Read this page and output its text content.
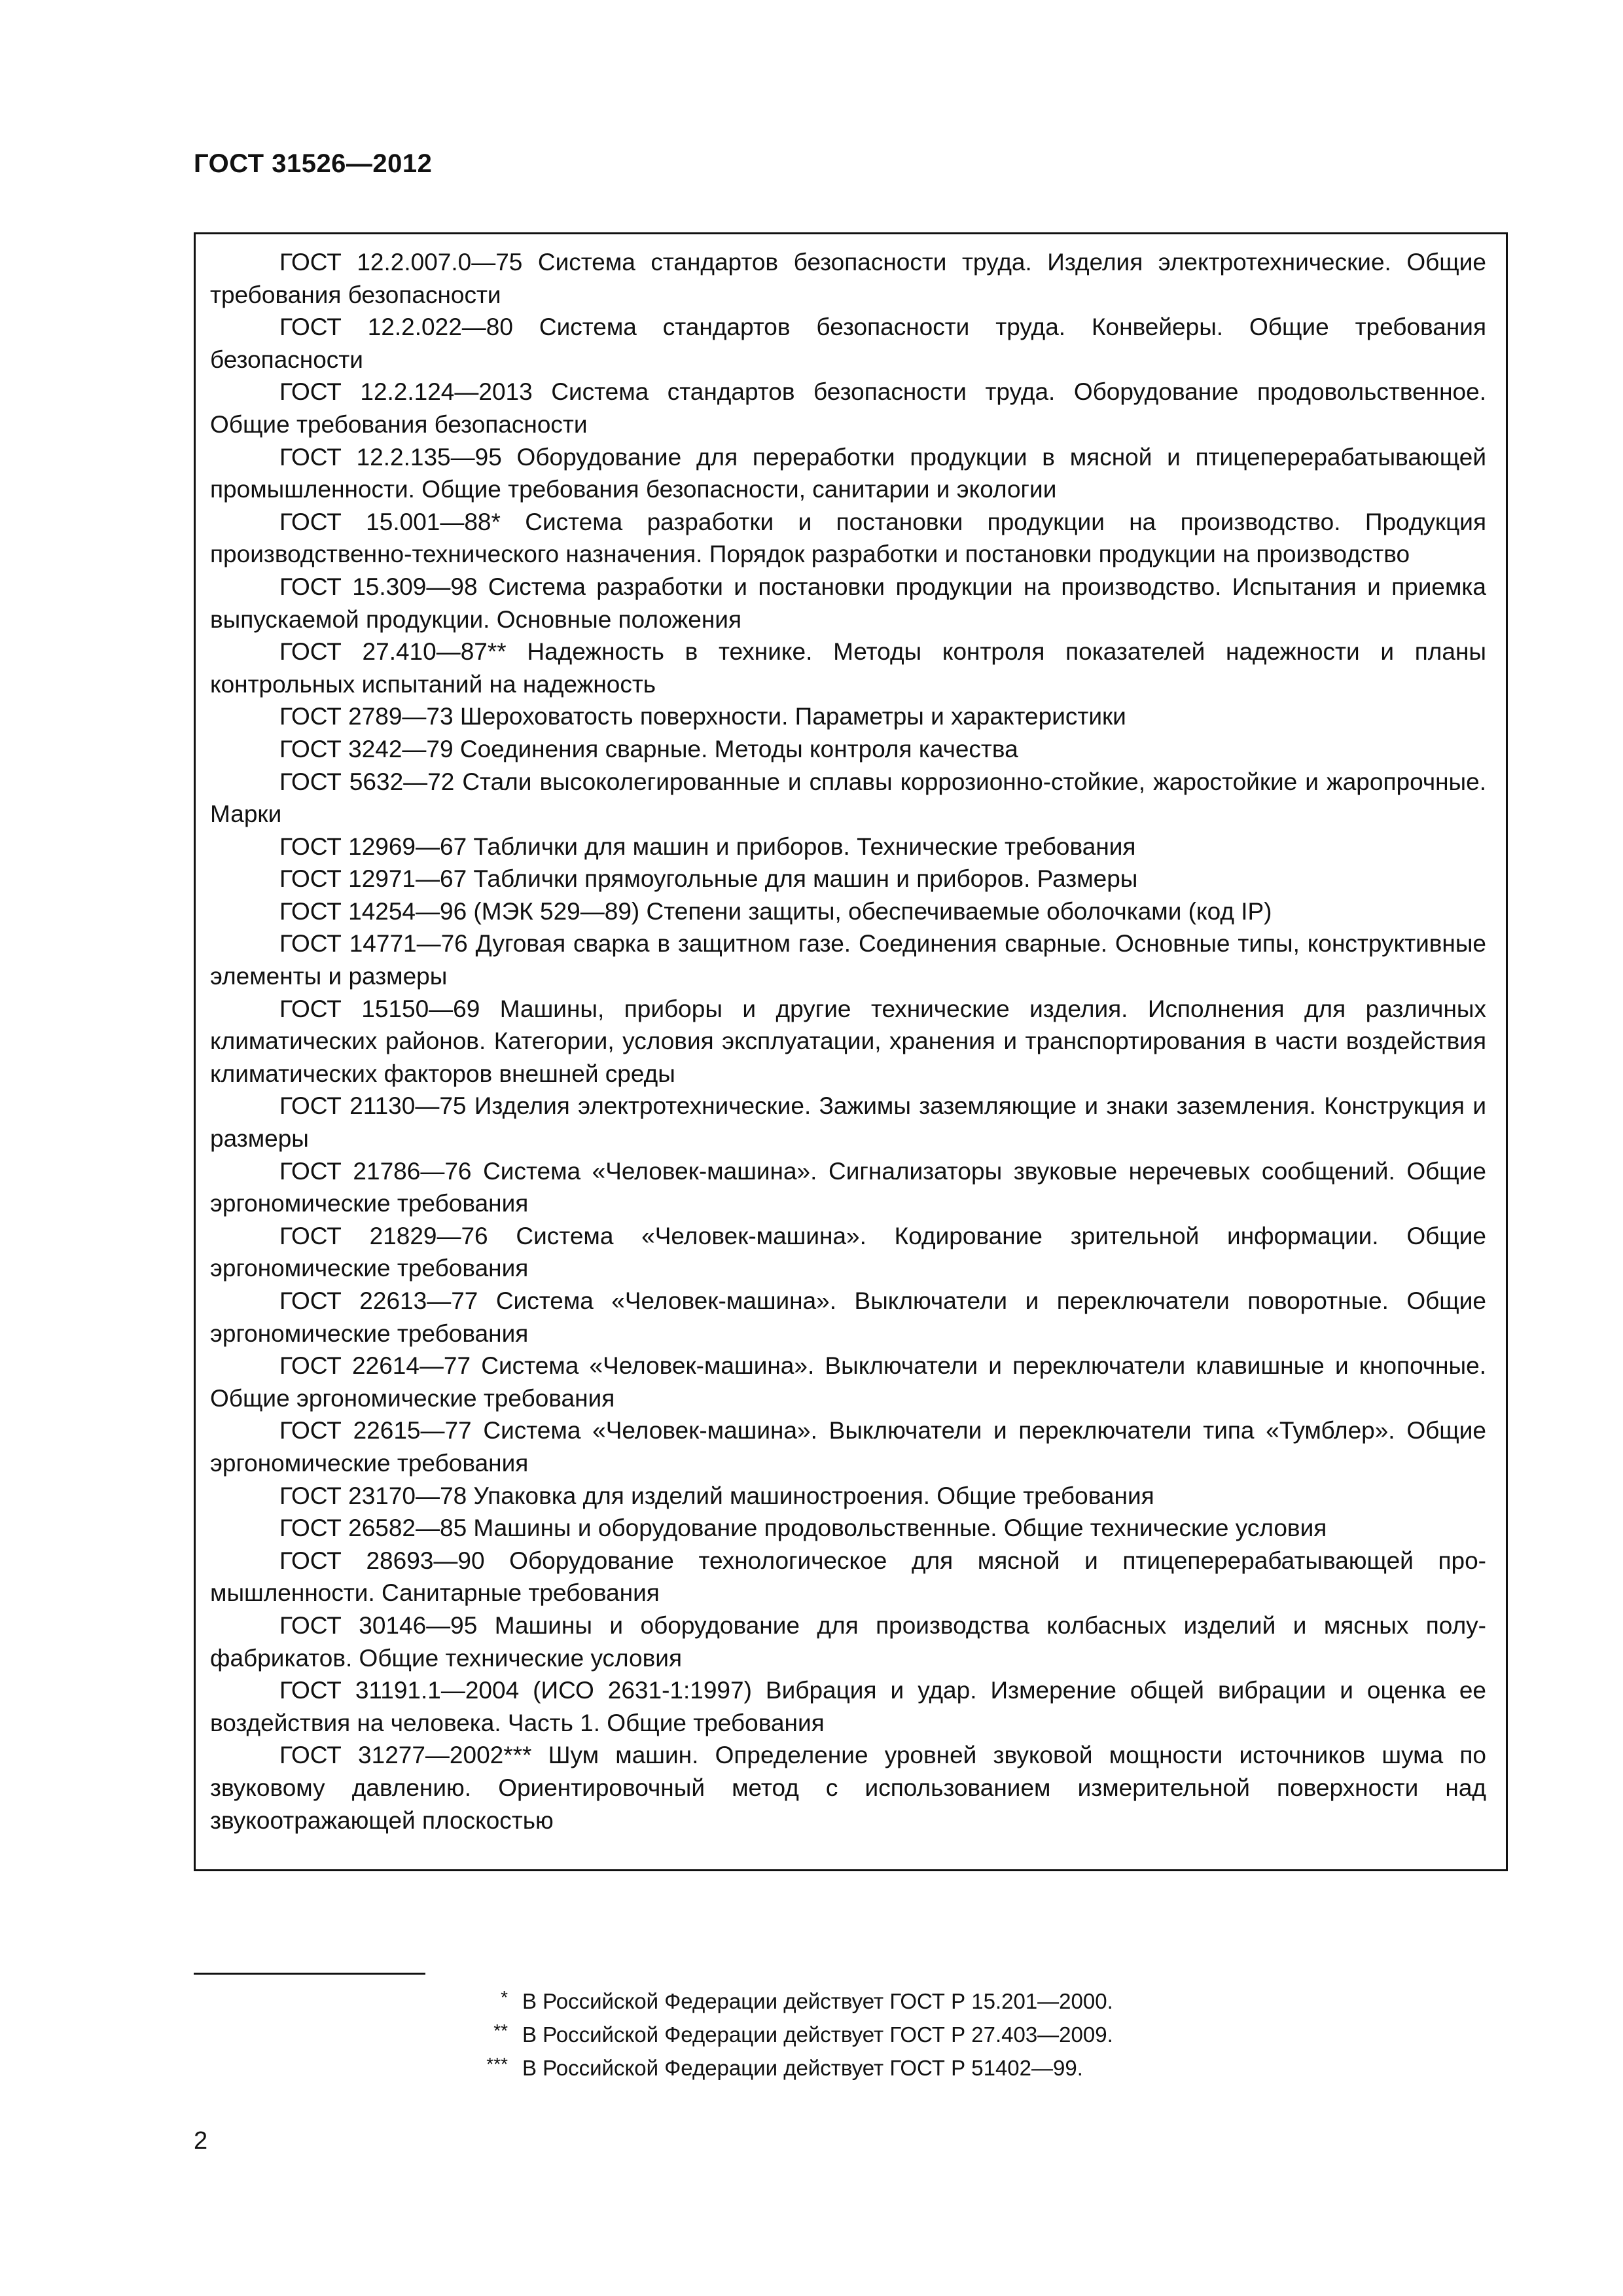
ГОСТ 31526—2012

ГОСТ 12.2.007.0—75 Система стандартов безопасности труда. Изделия электротехнические. Общие требования безопасности

ГОСТ 12.2.022—80 Система стандартов безопасности труда. Конвейеры. Общие требования безопасности

ГОСТ 12.2.124—2013 Система стандартов безопасности труда. Оборудование продовольственное. Общие требования безопасности

ГОСТ 12.2.135—95 Оборудование для переработки продукции в мясной и птицеперерабатывающей промышленности. Общие требования безопасности, санитарии и экологии

ГОСТ 15.001—88* Система разработки и постановки продукции на производство. Продукция производственно-технического назначения. Порядок разработки и постановки продукции на производство

ГОСТ 15.309—98 Система разработки и постановки продукции на производство. Испытания и приемка выпускаемой продукции. Основные положения

ГОСТ 27.410—87** Надежность в технике. Методы контроля показателей надежности и планы контрольных испытаний на надежность

ГОСТ 2789—73 Шероховатость поверхности. Параметры и характеристики

ГОСТ 3242—79 Соединения сварные. Методы контроля качества

ГОСТ 5632—72 Стали высоколегированные и сплавы коррозионно-стойкие, жаростойкие и жаропрочные. Марки

ГОСТ 12969—67 Таблички для машин и приборов. Технические требования

ГОСТ 12971—67 Таблички прямоугольные для машин и приборов. Размеры

ГОСТ 14254—96 (МЭК 529—89) Степени защиты, обеспечиваемые оболочками (код IP)

ГОСТ 14771—76 Дуговая сварка в защитном газе. Соединения сварные. Основные типы, конструктивные элементы и размеры

ГОСТ 15150—69 Машины, приборы и другие технические изделия. Исполнения для различных климатических районов. Категории, условия эксплуатации, хранения и транспортирования в части воздействия климатических факторов внешней среды

ГОСТ 21130—75 Изделия электротехнические. Зажимы заземляющие и знаки заземления. Конструкция и размеры

ГОСТ 21786—76 Система «Человек-машина». Сигнализаторы звуковые неречевых сообщений. Общие эргономические требования

ГОСТ 21829—76 Система «Человек-машина». Кодирование зрительной информации. Общие эргономические требования

ГОСТ 22613—77 Система «Человек-машина». Выключатели и переключатели поворотные. Общие эргономические требования

ГОСТ 22614—77 Система «Человек-машина». Выключатели и переключатели клавишные и кнопочные. Общие эргономические требования

ГОСТ 22615—77 Система «Человек-машина». Выключатели и переключатели типа «Тумблер». Общие эргономические требования

ГОСТ 23170—78 Упаковка для изделий машиностроения. Общие требования

ГОСТ 26582—85 Машины и оборудование продовольственные. Общие технические условия

ГОСТ 28693—90 Оборудование технологическое для мясной и птицеперерабатывающей промышленности. Санитарные требования

ГОСТ 30146—95 Машины и оборудование для производства колбасных изделий и мясных полуфабрикатов. Общие технические условия

ГОСТ 31191.1—2004 (ИСО 2631-1:1997) Вибрация и удар. Измерение общей вибрации и оценка ее воздействия на человека. Часть 1. Общие требования

ГОСТ 31277—2002*** Шум машин. Определение уровней звуковой мощности источников шума по звуковому давлению. Ориентировочный метод с использованием измерительной поверхности над звукоотражающей плоскостью

* В Российской Федерации действует ГОСТ Р 15.201—2000.
** В Российской Федерации действует ГОСТ Р 27.403—2009.
*** В Российской Федерации действует ГОСТ Р 51402—99.
2
